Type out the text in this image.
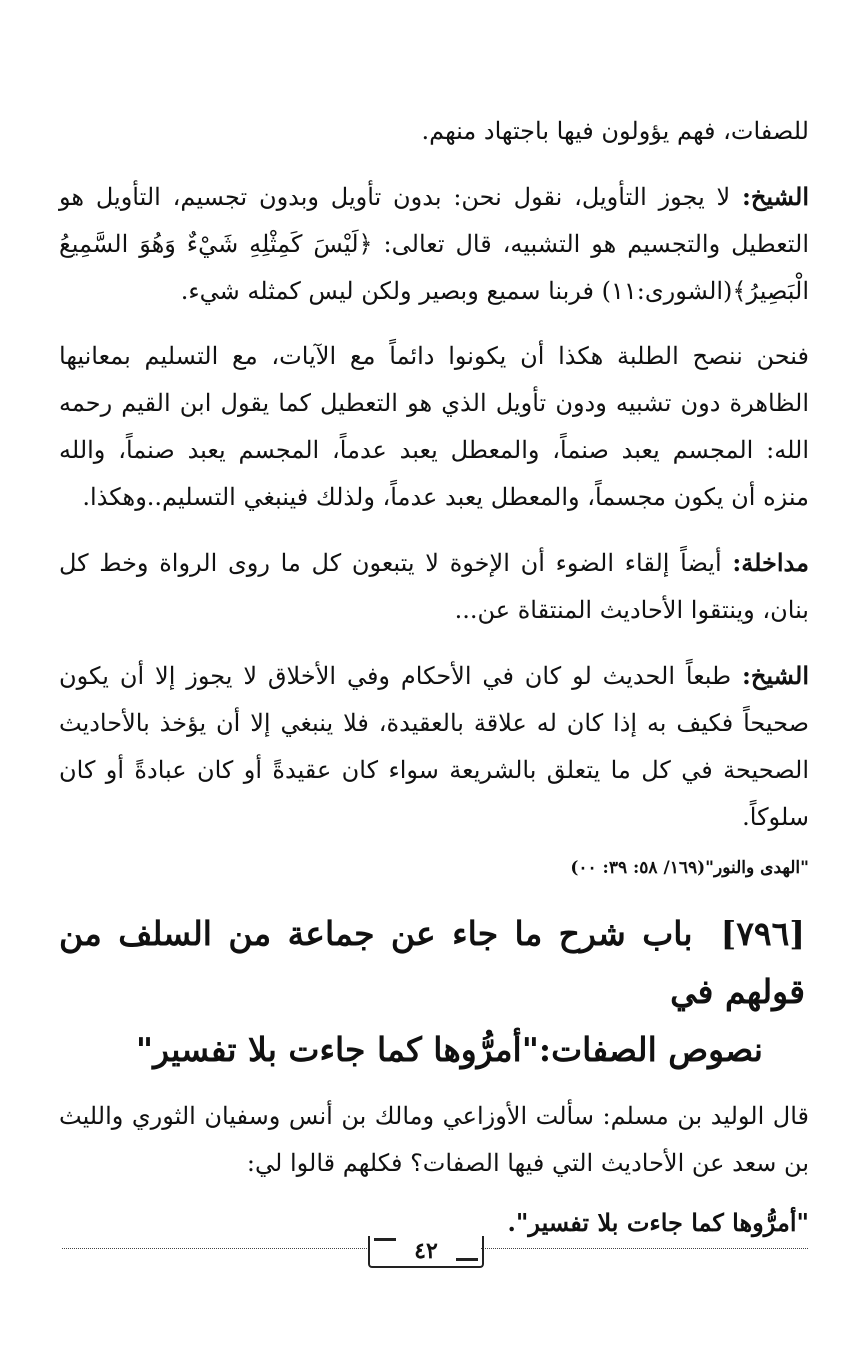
للصفات، فهم يؤولون فيها باجتهاد منهم.

الشيخ: لا يجوز التأويل، نقول نحن: بدون تأويل وبدون تجسيم، التأويل هو التعطيل والتجسيم هو التشبيه، قال تعالى: ﴿لَيْسَ كَمِثْلِهِ شَيْءٌ وَهُوَ السَّمِيعُ الْبَصِيرُ﴾(الشورى:١١) فربنا سميع وبصير ولكن ليس كمثله شيء.

فنحن ننصح الطلبة هكذا أن يكونوا دائماً مع الآيات، مع التسليم بمعانيها الظاهرة دون تشبيه ودون تأويل الذي هو التعطيل كما يقول ابن القيم رحمه الله: المجسم يعبد صنماً، والمعطل يعبد عدماً، المجسم يعبد صنماً، والله منزه أن يكون مجسماً، والمعطل يعبد عدماً، ولذلك فينبغي التسليم..وهكذا.

مداخلة: أيضاً إلقاء الضوء أن الإخوة لا يتبعون كل ما روى الرواة وخط كل بنان، وينتقوا الأحاديث المنتقاة عن...

الشيخ: طبعاً الحديث لو كان في الأحكام وفي الأخلاق لا يجوز إلا أن يكون صحيحاً فكيف به إذا كان له علاقة بالعقيدة، فلا ينبغي إلا أن يؤخذ بالأحاديث الصحيحة في كل ما يتعلق بالشريعة سواء كان عقيدةً أو كان عبادةً أو كان سلوكاً.

"الهدى والنور"(١٦٩/ ٥٨: ٣٩: ٠٠)
[٧٩٦]باب شرح ما جاء عن جماعة من السلف من قولهم في
نصوص الصفات:"أمرُّوها كما جاءت بلا تفسير"

قال الوليد بن مسلم: سألت الأوزاعي ومالك بن أنس وسفيان الثوري والليث بن سعد عن الأحاديث التي فيها الصفات؟ فكلهم قالوا لي:

"أمرُّوها كما جاءت بلا تفسير".

٤٢
